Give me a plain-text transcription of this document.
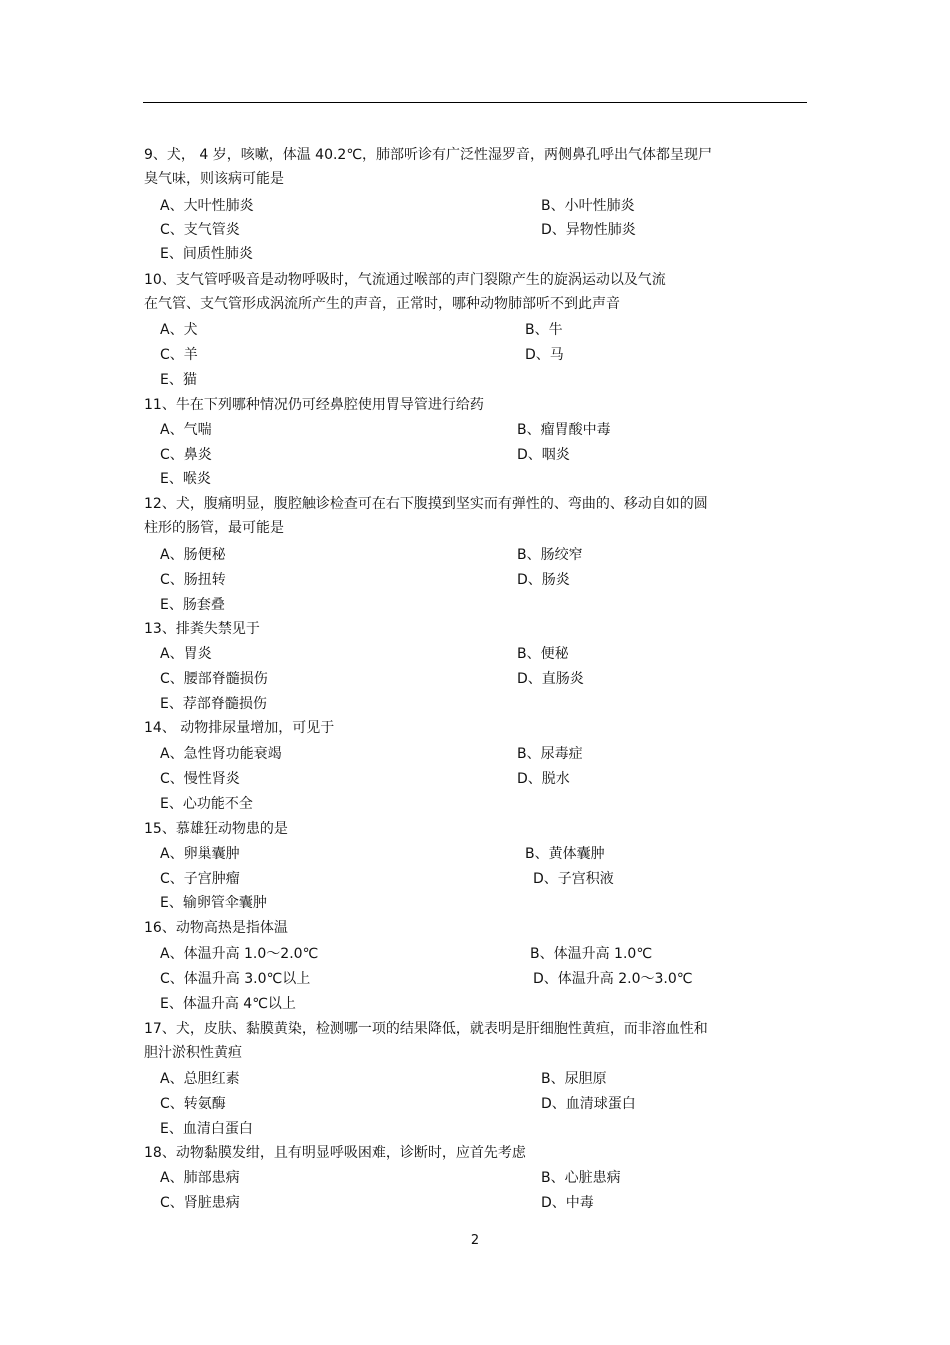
9、犬， 4 岁，咳嗽，体温 40.2℃，肺部听诊有广泛性湿罗音，两侧鼻孔呼出气体都呈现尸
臭气味，则该病可能是
A、大叶性肺炎	B、小叶性肺炎
C、支气管炎	D、异物性肺炎
E、间质性肺炎
10、支气管呼吸音是动物呼吸时，气流通过喉部的声门裂隙产生的旋涡运动以及气流
在气管、支气管形成涡流所产生的声音，正常时，哪种动物肺部听不到此声音
A、犬	B、牛
C、羊	D、马
E、猫
11、牛在下列哪种情况仍可经鼻腔使用胃导管进行给药
A、气喘	B、瘤胃酸中毒
C、鼻炎	D、咽炎
E、喉炎
12、犬，腹痛明显，腹腔触诊检查可在右下腹摸到坚实而有弹性的、弯曲的、移动自如的圆
柱形的肠管，最可能是
A、肠便秘	B、肠绞窄
C、肠扭转	D、肠炎
E、肠套叠
13、排粪失禁见于
A、胃炎	B、便秘
C、腰部脊髓损伤	D、直肠炎
E、荐部脊髓损伤
14、 动物排尿量增加，可见于
A、急性肾功能衰竭	B、尿毒症
C、慢性肾炎	D、脱水
E、心功能不全
15、慕雄狂动物患的是
A、卵巢囊肿	B、黄体囊肿
C、子宫肿瘤	D、子宫积液
E、输卵管伞囊肿
16、动物高热是指体温
A、体温升高 1.0～2.0℃	B、体温升高 1.0℃
C、体温升高 3.0℃以上	D、体温升高 2.0～3.0℃
E、体温升高 4℃以上
17、犬，皮肤、黏膜黄染，检测哪一项的结果降低，就表明是肝细胞性黄疸，而非溶血性和
胆汁淤积性黄疸
A、总胆红素	B、尿胆原
C、转氨酶	D、血清球蛋白
E、血清白蛋白
18、动物黏膜发绀，且有明显呼吸困难，诊断时，应首先考虑
A、肺部患病	B、心脏患病
C、肾脏患病	D、中毒
2
